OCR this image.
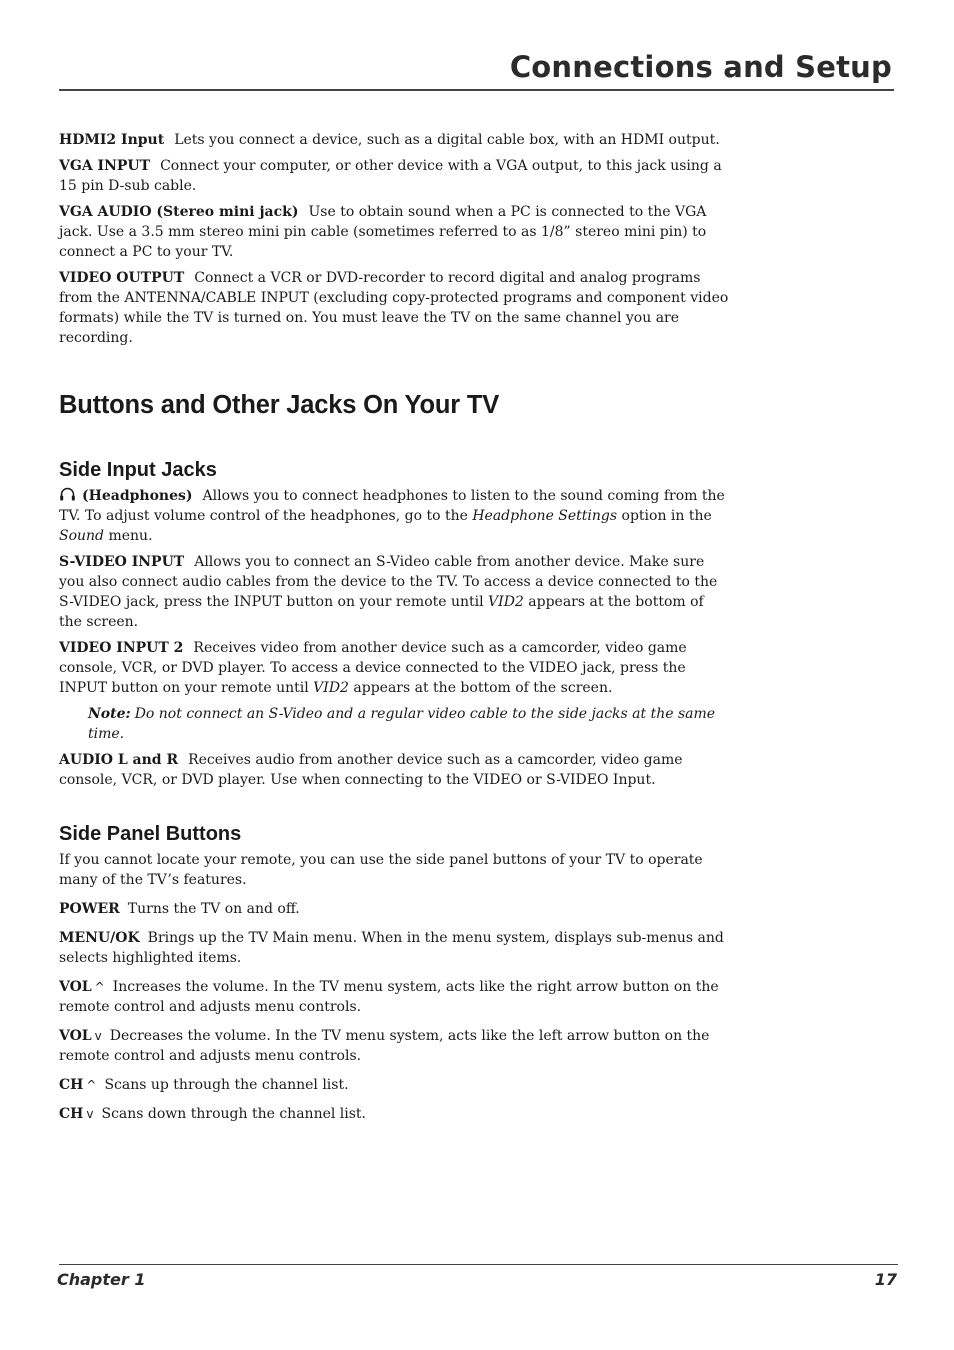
Connections and Setup

HDMI2 Input Lets you connect a device, such as a digital cable box, with an HDMI output.

VGA INPUT Connect your computer, or other device with a VGA output, to this jack using a 15 pin D-sub cable.

VGA AUDIO (Stereo mini jack) Use to obtain sound when a PC is connected to the VGA jack. Use a 3.5 mm stereo mini pin cable (sometimes referred to as 1/8” stereo mini pin) to connect a PC to your TV.

VIDEO OUTPUT Connect a VCR or DVD-recorder to record digital and analog programs from the ANTENNA/CABLE INPUT (excluding copy-protected programs and component video formats) while the TV is turned on. You must leave the TV on the same channel you are recording.

Buttons and Other Jacks On Your TV
Side Input Jacks

(Headphones) Allows you to connect headphones to listen to the sound coming from the TV. To adjust volume control of the headphones, go to the Headphone Settings option in the Sound menu.

S-VIDEO INPUT Allows you to connect an S-Video cable from another device. Make sure you also connect audio cables from the device to the TV. To access a device connected to the S-VIDEO jack, press the INPUT button on your remote until VID2 appears at the bottom of the screen.

VIDEO INPUT 2 Receives video from another device such as a camcorder, video game console, VCR, or DVD player. To access a device connected to the VIDEO jack, press the INPUT button on your remote until VID2 appears at the bottom of the screen.

Note: Do not connect an S-Video and a regular video cable to the side jacks at the same time.

AUDIO L and R Receives audio from another device such as a camcorder, video game console, VCR, or DVD player. Use when connecting to the VIDEO or S-VIDEO Input.

Side Panel Buttons

If you cannot locate your remote, you can use the side panel buttons of your TV to operate many of the TV’s features.

POWER Turns the TV on and off.

MENU/OK Brings up the TV Main menu. When in the menu system, displays sub-menus and selects highlighted items.

VOL ^ Increases the volume. In the TV menu system, acts like the right arrow button on the remote control and adjusts menu controls.

VOL v Decreases the volume. In the TV menu system, acts like the left arrow button on the remote control and adjusts menu controls.

CH ^ Scans up through the channel list.

CH v Scans down through the channel list.

Chapter 1	17
